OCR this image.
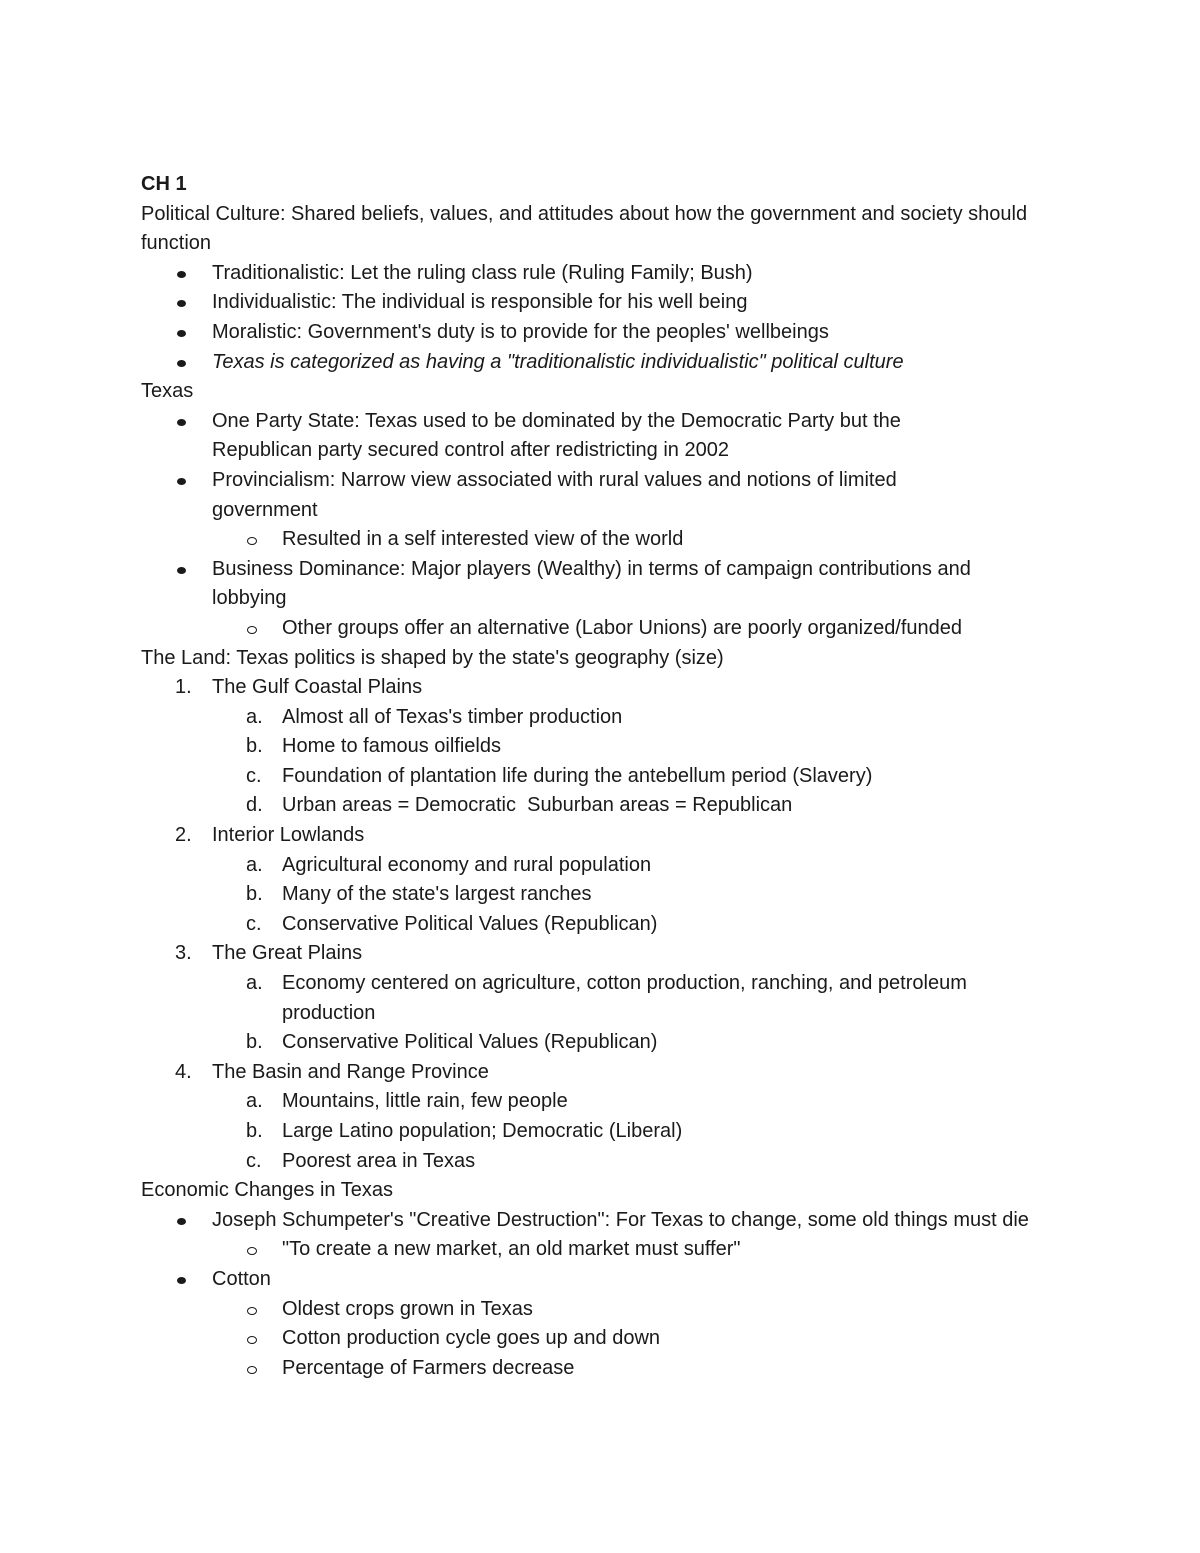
CH 1
Political Culture: Shared beliefs, values, and attitudes about how the government and society should function
Traditionalistic: Let the ruling class rule (Ruling Family; Bush)
Individualistic: The individual is responsible for his well being
Moralistic: Government's duty is to provide for the peoples' wellbeings
Texas is categorized as having a "traditionalistic individualistic" political culture
Texas
One Party State: Texas used to be dominated by the Democratic Party but the Republican party secured control after redistricting in 2002
Provincialism: Narrow view associated with rural values and notions of limited government
Resulted in a self interested view of the world
Business Dominance: Major players (Wealthy) in terms of campaign contributions and lobbying
Other groups offer an alternative (Labor Unions) are poorly organized/funded
The Land: Texas politics is shaped by the state's geography (size)
1. The Gulf Coastal Plains
a. Almost all of Texas's timber production
b. Home to famous oilfields
c. Foundation of plantation life during the antebellum period (Slavery)
d. Urban areas = Democratic  Suburban areas = Republican
2. Interior Lowlands
a. Agricultural economy and rural population
b. Many of the state's largest ranches
c. Conservative Political Values (Republican)
3. The Great Plains
a. Economy centered on agriculture, cotton production, ranching, and petroleum production
b. Conservative Political Values (Republican)
4. The Basin and Range Province
a. Mountains, little rain, few people
b. Large Latino population; Democratic (Liberal)
c. Poorest area in Texas
Economic Changes in Texas
Joseph Schumpeter's "Creative Destruction": For Texas to change, some old things must die
"To create a new market, an old market must suffer"
Cotton
Oldest crops grown in Texas
Cotton production cycle goes up and down
Percentage of Farmers decrease
